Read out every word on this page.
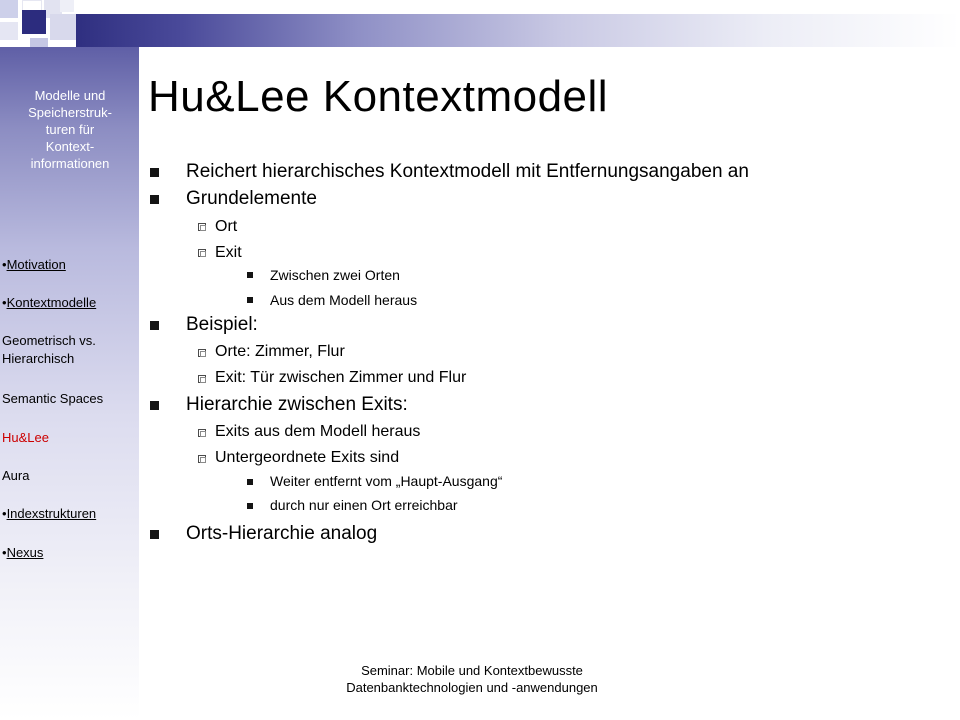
Modelle und
Speicherstruk-
turen für
Kontext-
informationen

•Motivation

•Kontextmodelle

Geometrisch vs.
Hierarchisch

Semantic Spaces

Hu&Lee

Aura

•Indexstrukturen

•Nexus

Hu&Lee Kontextmodell
Reichert hierarchisches Kontextmodell mit Entfernungsangaben an
Grundelemente
Ort
Exit
Zwischen zwei Orten
Aus dem Modell heraus
Beispiel:
Orte: Zimmer, Flur
Exit: Tür zwischen Zimmer und Flur
Hierarchie zwischen Exits:
Exits aus dem Modell heraus
Untergeordnete Exits sind
Weiter entfernt vom „Haupt-Ausgang“
durch nur einen Ort erreichbar
Orts-Hierarchie analog
Seminar: Mobile und Kontextbewusste
Datenbanktechnologien und -anwendungen
